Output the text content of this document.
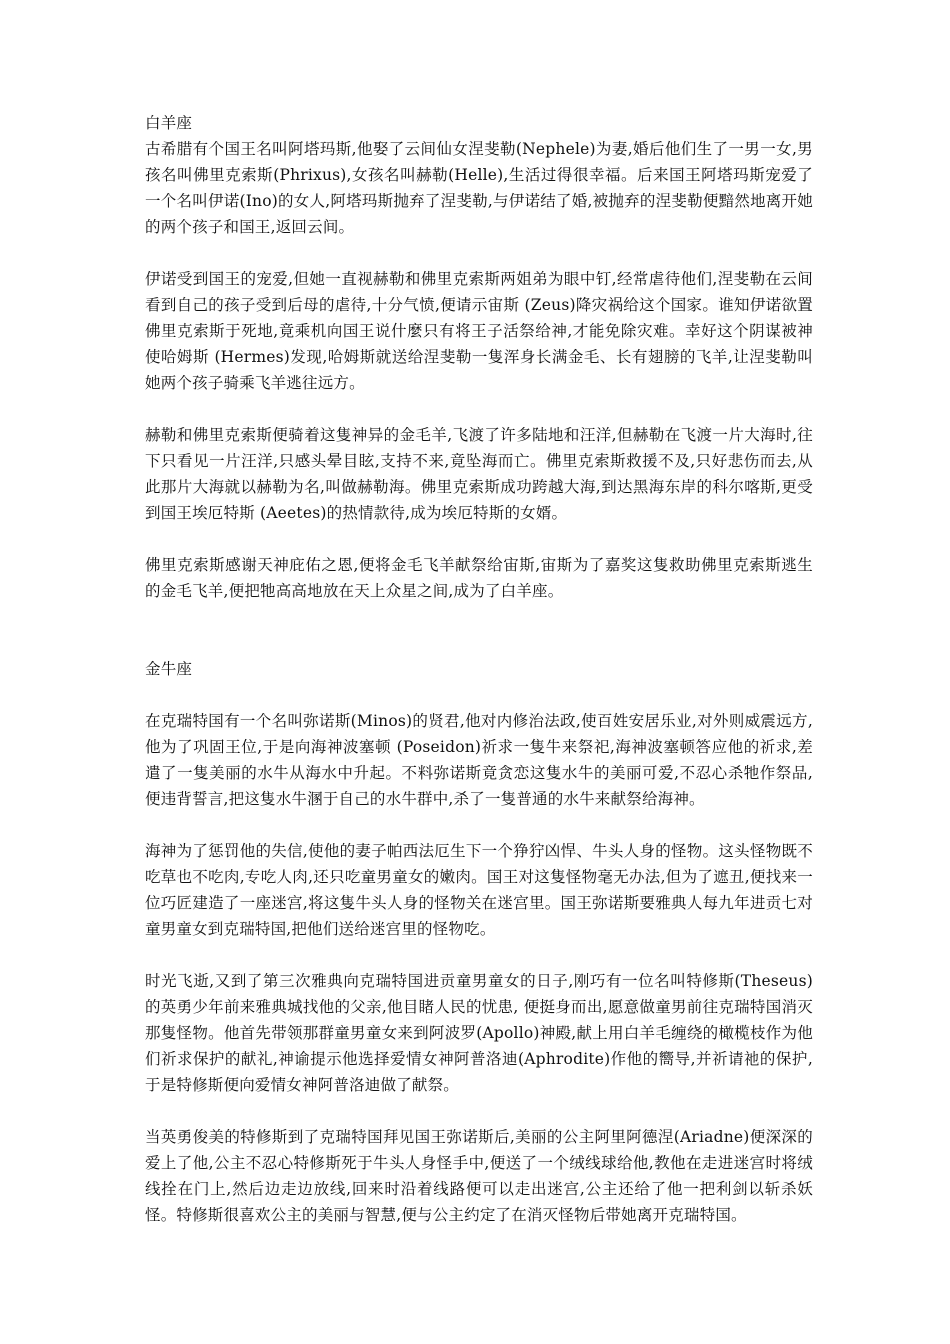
白羊座

古希腊有个国王名叫阿塔玛斯,他娶了云间仙女涅斐勒(Nephele)为妻,婚后他们生了一男一女,男孩名叫佛里克索斯(Phrixus),女孩名叫赫勒(Helle),生活过得很幸福。后来国王阿塔玛斯宠爱了一个名叫伊诺(Ino)的女人,阿塔玛斯抛弃了涅斐勒,与伊诺结了婚,被抛弃的涅斐勒便黯然地离开她的两个孩子和国王,返回云间。

伊诺受到国王的宠爱,但她一直视赫勒和佛里克索斯两姐弟为眼中钉,经常虐待他们,涅斐勒在云间看到自己的孩子受到后母的虐待,十分气愤,便请示宙斯 (Zeus)降灾祸给这个国家。谁知伊诺欲置佛里克索斯于死地,竟乘机向国王说什麼只有将王子活祭给神,才能免除灾难。幸好这个阴谋被神使哈姆斯 (Hermes)发现,哈姆斯就送给涅斐勒一隻浑身长满金毛、长有翅膀的飞羊,让涅斐勒叫她两个孩子骑乘飞羊逃往远方。

赫勒和佛里克索斯便骑着这隻神异的金毛羊,飞渡了许多陆地和汪洋,但赫勒在飞渡一片大海时,往下只看见一片汪洋,只感头晕目眩,支持不来,竟坠海而亡。佛里克索斯救援不及,只好悲伤而去,从此那片大海就以赫勒为名,叫做赫勒海。佛里克索斯成功跨越大海,到达黑海东岸的科尔喀斯,更受到国王埃厄特斯 (Aeetes)的热情款待,成为埃厄特斯的女婿。

佛里克索斯感谢天神庇佑之恩,便将金毛飞羊献祭给宙斯,宙斯为了嘉奖这隻救助佛里克索斯逃生的金毛飞羊,便把牠高高地放在天上众星之间,成为了白羊座。

金牛座

在克瑞特国有一个名叫弥诺斯(Minos)的贤君,他对内修治法政,使百姓安居乐业,对外则威震远方,他为了巩固王位,于是向海神波塞顿 (Poseidon)祈求一隻牛来祭祀,海神波塞顿答应他的祈求,差遣了一隻美丽的水牛从海水中升起。不料弥诺斯竟贪恋这隻水牛的美丽可爱,不忍心杀牠作祭品,便违背誓言,把这隻水牛溷于自己的水牛群中,杀了一隻普通的水牛来献祭给海神。

海神为了惩罚他的失信,使他的妻子帕西法厄生下一个狰狞凶悍、牛头人身的怪物。这头怪物既不吃草也不吃肉,专吃人肉,还只吃童男童女的嫩肉。国王对这隻怪物毫无办法,但为了遮丑,便找来一位巧匠建造了一座迷宫,将这隻牛头人身的怪物关在迷宫里。国王弥诺斯要雅典人每九年进贡七对童男童女到克瑞特国,把他们送给迷宫里的怪物吃。

时光飞逝,又到了第三次雅典向克瑞特国进贡童男童女的日子,刚巧有一位名叫特修斯(Theseus)的英勇少年前来雅典城找他的父亲,他目睹人民的忧患, 便挺身而出,愿意做童男前往克瑞特国消灭那隻怪物。他首先带领那群童男童女来到阿波罗(Apollo)神殿,献上用白羊毛缠绕的橄榄枝作为他们祈求保护的献礼,神谕提示他选择爱情女神阿普洛迪(Aphrodite)作他的嚮导,并祈请祂的保护,于是特修斯便向爱情女神阿普洛迪做了献祭。

当英勇俊美的特修斯到了克瑞特国拜见国王弥诺斯后,美丽的公主阿里阿德涅(Ariadne)便深深的爱上了他,公主不忍心特修斯死于牛头人身怪手中,便送了一个绒线球给他,教他在走进迷宫时将绒线拴在门上,然后边走边放线,回来时沿着线路便可以走出迷宫,公主还给了他一把利剑以斩杀妖怪。特修斯很喜欢公主的美丽与智慧,便与公主约定了在消灭怪物后带她离开克瑞特国。
